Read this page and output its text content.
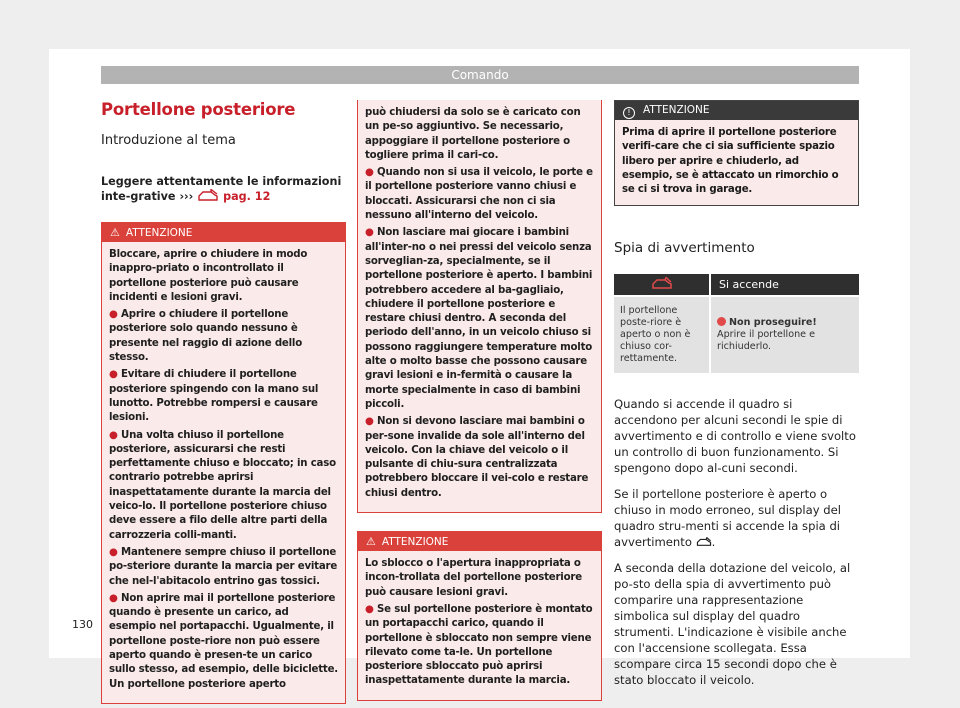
Comando
Portellone posteriore
Introduzione al tema
Leggere attentamente le informazioni inte-grative ›››	pag. 12
⚠ ATTENZIONE

Bloccare, aprire o chiudere in modo inappro-priato o incontrollato il portellone posteriore può causare incidenti e lesioni gravi.

● Aprire o chiudere il portellone posteriore solo quando nessuno è presente nel raggio di azione dello stesso.

● Evitare di chiudere il portellone posteriore spingendo con la mano sul lunotto. Potrebbe rompersi e causare lesioni.

● Una volta chiuso il portellone posteriore, assicurarsi che resti perfettamente chiuso e bloccato; in caso contrario potrebbe aprirsi inaspettatamente durante la marcia del veico-lo. Il portellone posteriore chiuso deve essere a filo delle altre parti della carrozzeria colli-manti.

● Mantenere sempre chiuso il portellone po-steriore durante la marcia per evitare che nel-l'abitacolo entrino gas tossici.

● Non aprire mai il portellone posteriore quando è presente un carico, ad esempio nel portapacchi. Ugualmente, il portellone poste-riore non può essere aperto quando è presen-te un carico sullo stesso, ad esempio, delle biciclette. Un portellone posteriore aperto

può chiudersi da solo se è caricato con un pe-so aggiuntivo. Se necessario, appoggiare il portellone posteriore o togliere prima il cari-co.

● Quando non si usa il veicolo, le porte e il portellone posteriore vanno chiusi e bloccati. Assicurarsi che non ci sia nessuno all'interno del veicolo.

● Non lasciare mai giocare i bambini all'inter-no o nei pressi del veicolo senza sorveglian-za, specialmente, se il portellone posteriore è aperto. I bambini potrebbero accedere al ba-gagliaio, chiudere il portellone posteriore e restare chiusi dentro. A seconda del periodo dell'anno, in un veicolo chiuso si possono raggiungere temperature molto alte o molto basse che possono causare gravi lesioni e in-fermità o causare la morte specialmente in caso di bambini piccoli.

● Non si devono lasciare mai bambini o per-sone invalide da sole all'interno del veicolo. Con la chiave del veicolo o il pulsante di chiu-sura centralizzata potrebbero bloccare il vei-colo e restare chiusi dentro.

⚠ ATTENZIONE

Lo sblocco o l'apertura inappropriata o incon-trollata del portellone posteriore può causare lesioni gravi.

● Se sul portellone posteriore è montato un portapacchi carico, quando il portellone è sbloccato non sempre viene rilevato come ta-le. Un portellone posteriore sbloccato può aprirsi inaspettatamente durante la marcia.

! ATTENZIONE
Prima di aprire il portellone posteriore verifi-care che ci sia sufficiente spazio libero per aprire e chiuderlo, ad esempio, se è attaccato un rimorchio o se ci si trova in garage.
Spia di avvertimento
	Si accende
Il portellone poste-riore è aperto o non è chiuso cor-rettamente.	Non proseguire!
Aprire il portellone e richiuderlo.

Quando si accende il quadro si accendono per alcuni secondi le spie di avvertimento e di controllo e viene svolto un controllo di buon funzionamento. Si spengono dopo al-cuni secondi.

Se il portellone posteriore è aperto o chiuso in modo erroneo, sul display del quadro stru-menti si accende la spia di avvertimento .

A seconda della dotazione del veicolo, al po-sto della spia di avvertimento può comparire una rappresentazione simbolica sul display del quadro strumenti. L'indicazione è visibile anche con l'accensione scollegata. Essa scompare circa 15 secondi dopo che è stato bloccato il veicolo.

130
